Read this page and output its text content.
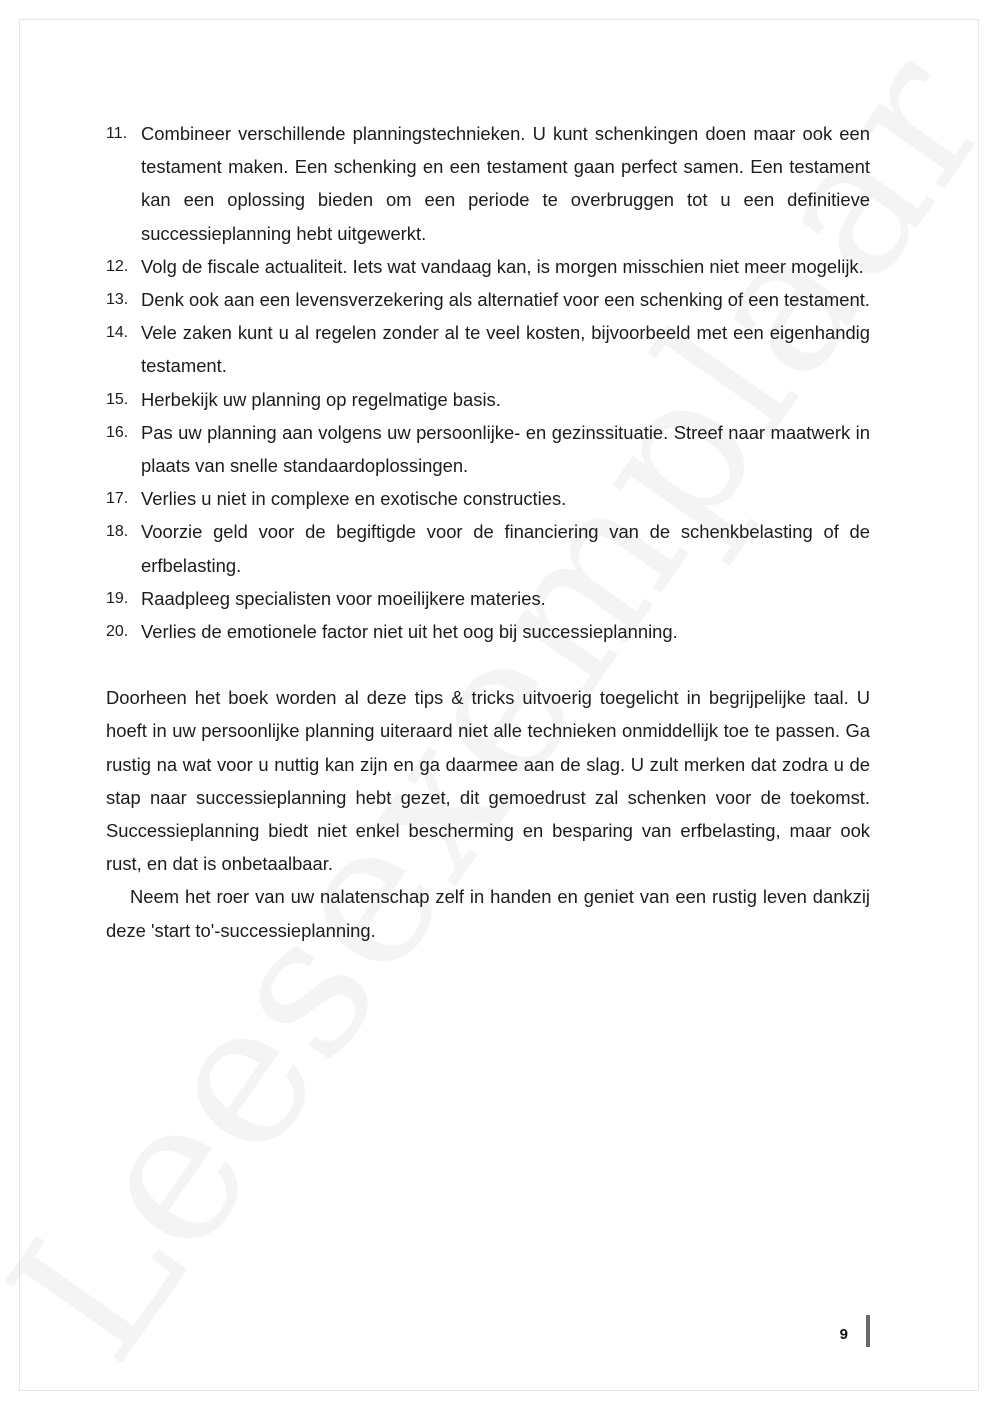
11. Combineer verschillende planningstechnieken. U kunt schenkingen doen maar ook een testament maken. Een schenking en een testament gaan perfect samen. Een testament kan een oplossing bieden om een periode te overbruggen tot u een definitieve successieplanning hebt uitgewerkt.
12. Volg de fiscale actualiteit. Iets wat vandaag kan, is morgen misschien niet meer mogelijk.
13. Denk ook aan een levensverzekering als alternatief voor een schenking of een testament.
14. Vele zaken kunt u al regelen zonder al te veel kosten, bijvoorbeeld met een eigenhandig testament.
15. Herbekijk uw planning op regelmatige basis.
16. Pas uw planning aan volgens uw persoonlijke- en gezinssituatie. Streef naar maatwerk in plaats van snelle standaardoplossingen.
17. Verlies u niet in complexe en exotische constructies.
18. Voorzie geld voor de begiftigde voor de financiering van de schenkbelasting of de erfbelasting.
19. Raadpleeg specialisten voor moeilijkere materies.
20. Verlies de emotionele factor niet uit het oog bij successieplanning.

Doorheen het boek worden al deze tips & tricks uitvoerig toegelicht in begrijpelijke taal. U hoeft in uw persoonlijke planning uiteraard niet alle technieken onmiddellijk toe te passen. Ga rustig na wat voor u nuttig kan zijn en ga daarmee aan de slag. U zult merken dat zodra u de stap naar successieplanning hebt gezet, dit gemoedrust zal schenken voor de toekomst. Successieplanning biedt niet enkel bescherming en besparing van erfbelasting, maar ook rust, en dat is onbetaalbaar.

Neem het roer van uw nalatenschap zelf in handen en geniet van een rustig leven dankzij deze 'start to'-successieplanning.

9
